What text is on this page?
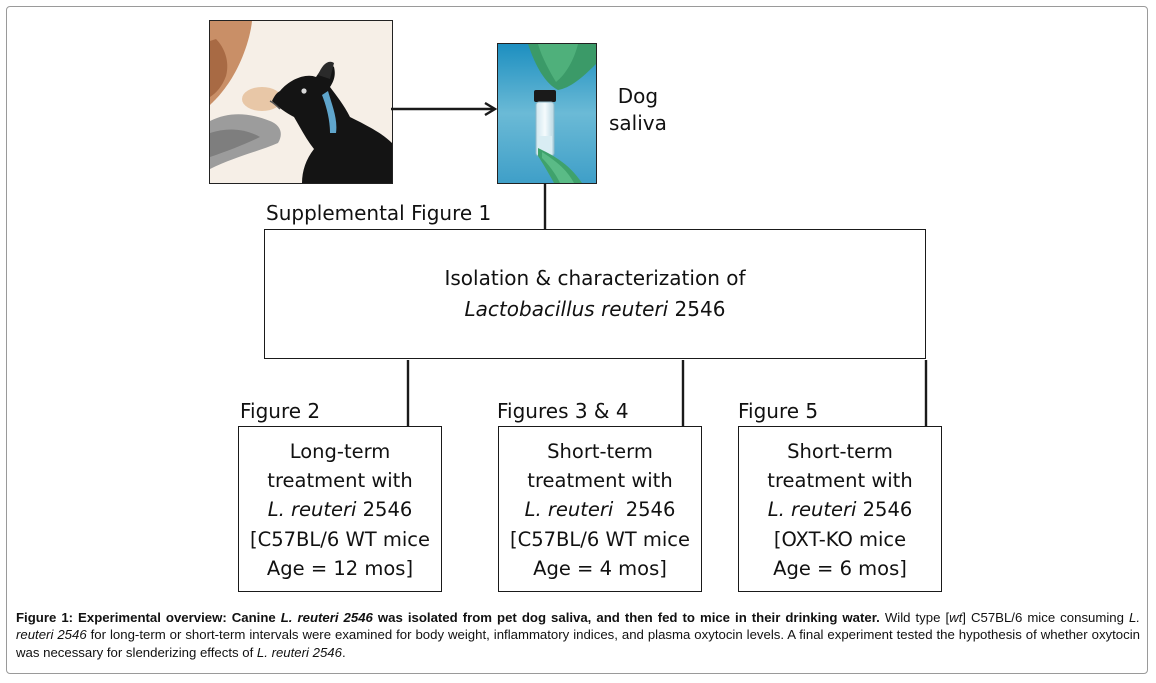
Dog
saliva
Supplemental Figure 1
Isolation & characterization of
Lactobacillus reuteri 2546
Figure 2	Figures 3 & 4	Figure 5
Long-term
treatment with
L. reuteri 2546
[C57BL/6 WT mice
Age = 12 mos]
Short-term
treatment with
L. reuteri  2546
[C57BL/6 WT mice
Age = 4 mos]
Short-term
treatment with
L. reuteri 2546
[OXT-KO mice
Age = 6 mos]
Figure 1: Experimental overview: Canine L. reuteri 2546 was isolated from pet dog saliva, and then fed to mice in their drinking water. Wild type [wt] C57BL/6 mice consuming L. reuteri 2546 for long-term or short-term intervals were examined for body weight, inflammatory indices, and plasma oxytocin levels. A final experiment tested the hypothesis of whether oxytocin was necessary for slenderizing effects of L. reuteri 2546.
